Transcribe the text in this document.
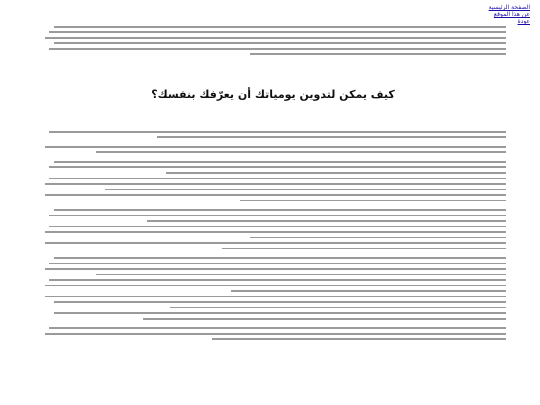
الصفحة الرئيسية
عن هذا الموقع
عودة

كيف يمكن لتدوين يومياتك أن يعرّفك بنفسك؟
